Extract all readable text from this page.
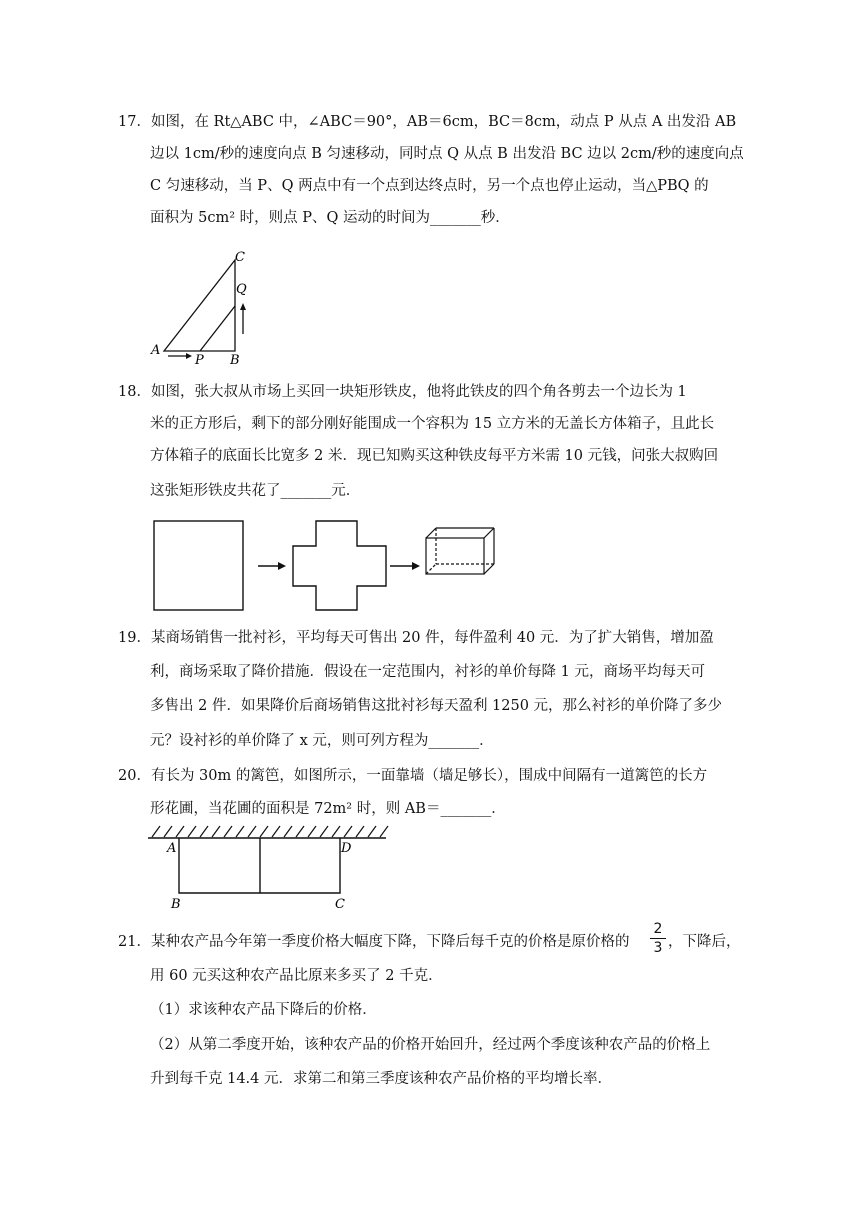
17．如图，在 Rt△ABC 中，∠ABC＝90°，AB＝6cm，BC＝8cm，动点 P 从点 A 出发沿 AB
边以 1cm/秒的速度向点 B 匀速移动，同时点 Q 从点 B 出发沿 BC 边以 2cm/秒的速度向点
C 匀速移动，当 P、Q 两点中有一个点到达终点时，另一个点也停止运动，当△PBQ 的
面积为 5cm² 时，则点 P、Q 运动的时间为_______秒．
C
Q
A
P B
18．如图，张大叔从市场上买回一块矩形铁皮，他将此铁皮的四个角各剪去一个边长为 1
米的正方形后，剩下的部分刚好能围成一个容积为 15 立方米的无盖长方体箱子，且此长
方体箱子的底面长比宽多 2 米．现已知购买这种铁皮每平方米需 10 元钱，问张大叔购回
这张矩形铁皮共花了_______元．
19．某商场销售一批衬衫，平均每天可售出 20 件，每件盈利 40 元．为了扩大销售，增加盈
利，商场采取了降价措施．假设在一定范围内，衬衫的单价每降 1 元，商场平均每天可
多售出 2 件．如果降价后商场销售这批衬衫每天盈利 1250 元，那么衬衫的单价降了多少
元？设衬衫的单价降了 x 元，则可列方程为_______．
20．有长为 30m 的篱笆，如图所示，一面靠墙（墙足够长），围成中间隔有一道篱笆的长方
形花圃，当花圃的面积是 72m² 时，则 AB＝_______．
A	D
B	C
21．某种农产品今年第一季度价格大幅度下降，下降后每千克的价格是原价格的
2
3 ，下降后，
用 60 元买这种农产品比原来多买了 2 千克．
（1）求该种农产品下降后的价格．
（2）从第二季度开始，该种农产品的价格开始回升，经过两个季度该种农产品的价格上
升到每千克 14.4 元．求第二和第三季度该种农产品价格的平均增长率．
